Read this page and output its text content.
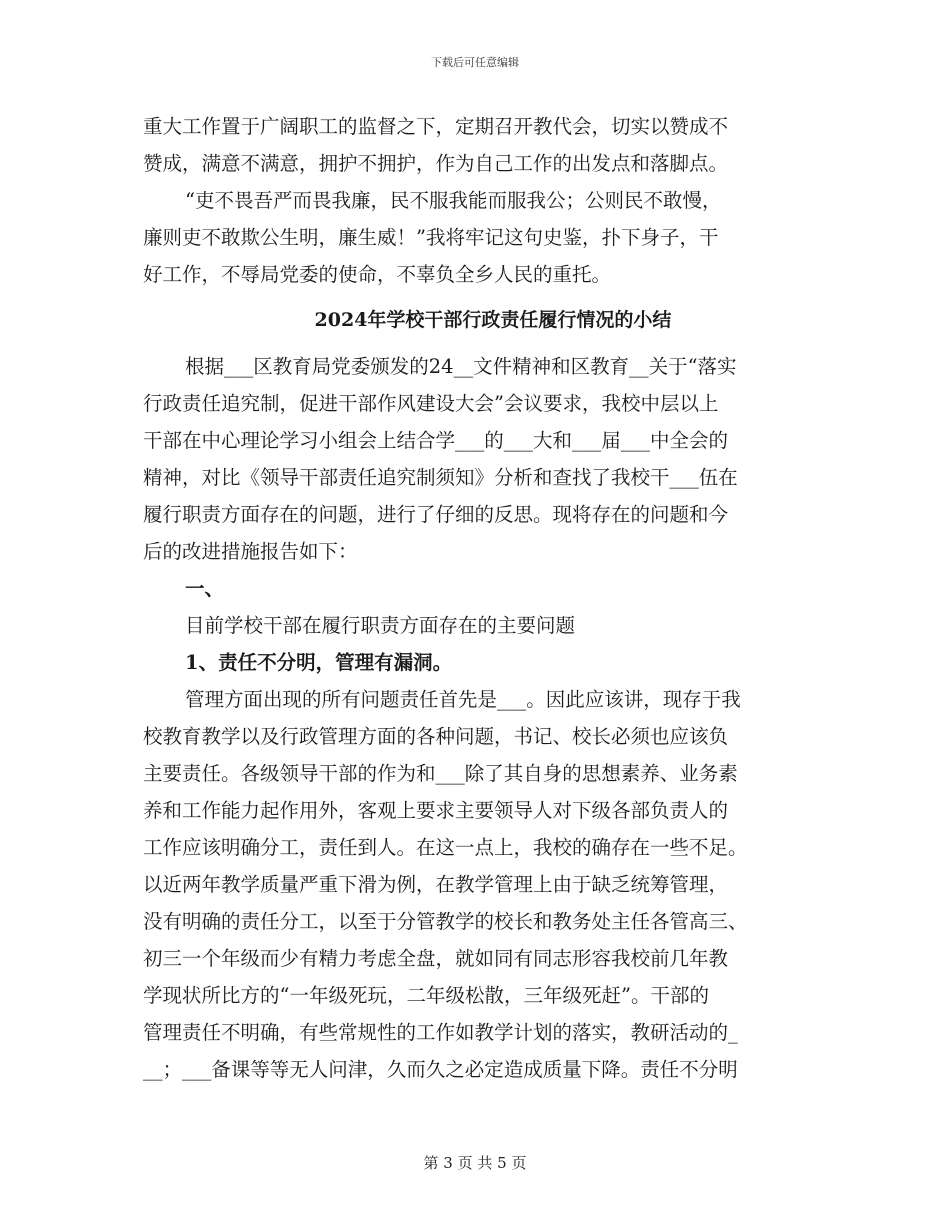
下载后可任意编辑
重大工作置于广阔职工的监督之下，定期召开教代会，切实以赞成不
赞成，满意不满意，拥护不拥护，作为自己工作的出发点和落脚点。
“吏不畏吾严而畏我廉，民不服我能而服我公；公则民不敢慢，
廉则吏不敢欺公生明，廉生威！”我将牢记这句史鉴，扑下身子，干
好工作，不辱局党委的使命，不辜负全乡人民的重托。
2024年学校干部行政责任履行情况的小结
根据___区教育局党委颁发的24__文件精神和区教育__关于“落实
行政责任追究制，促进干部作风建设大会”会议要求，我校中层以上
干部在中心理论学习小组会上结合学___的___大和___届___中全会的
精神，对比《领导干部责任追究制须知》分析和查找了我校干___伍在
履行职责方面存在的问题，进行了仔细的反思。现将存在的问题和今
后的改进措施报告如下：
一、
目前学校干部在履行职责方面存在的主要问题
1、责任不分明，管理有漏洞。
管理方面出现的所有问题责任首先是___。因此应该讲，现存于我
校教育教学以及行政管理方面的各种问题，书记、校长必须也应该负
主要责任。各级领导干部的作为和___除了其自身的思想素养、业务素
养和工作能力起作用外，客观上要求主要领导人对下级各部负责人的
工作应该明确分工，责任到人。在这一点上，我校的确存在一些不足。
以近两年教学质量严重下滑为例，在教学管理上由于缺乏统筹管理，
没有明确的责任分工，以至于分管教学的校长和教务处主任各管高三、
初三一个年级而少有精力考虑全盘，就如同有同志形容我校前几年教
学现状所比方的“一年级死玩，二年级松散，三年级死赶”。干部的
管理责任不明确，有些常规性的工作如教学计划的落实，教研活动的_
__；___备课等等无人问津，久而久之必定造成质量下降。责任不分明
第 3 页 共 5 页
